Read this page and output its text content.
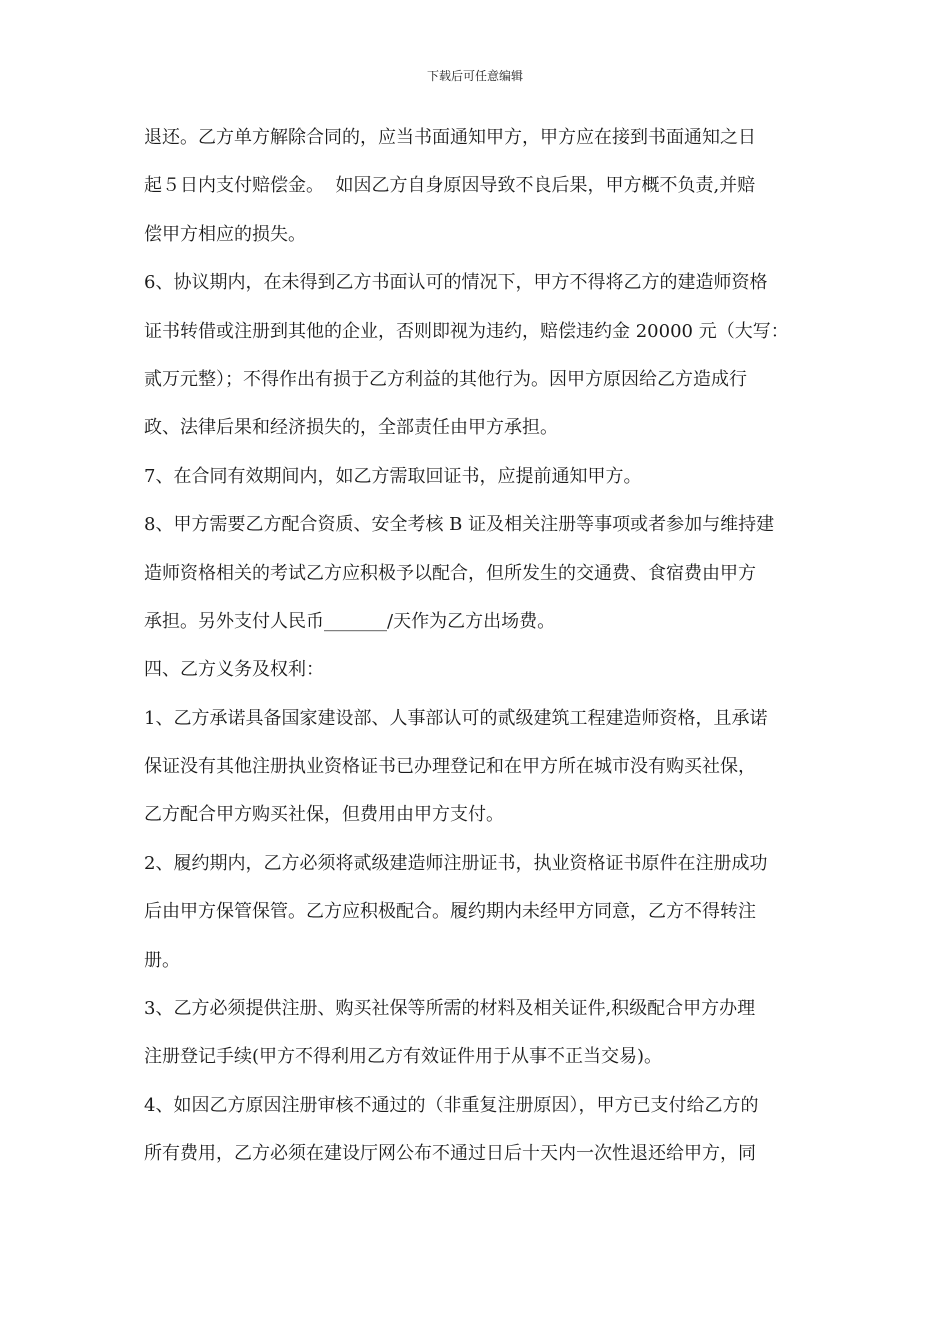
下载后可任意编辑
退还。乙方单方解除合同的，应当书面通知甲方，甲方应在接到书面通知之日
起５日内支付赔偿金。  如因乙方自身原因导致不良后果，甲方概不负责,并赔
偿甲方相应的损失。
6、协议期内，在未得到乙方书面认可的情况下，甲方不得将乙方的建造师资格
证书转借或注册到其他的企业，否则即视为违约，赔偿违约金 20000 元（大写：
贰万元整）；不得作出有损于乙方利益的其他行为。因甲方原因给乙方造成行
政、法律后果和经济损失的，全部责任由甲方承担。
7、在合同有效期间内，如乙方需取回证书，应提前通知甲方。
8、甲方需要乙方配合资质、安全考核 B 证及相关注册等事项或者参加与维持建
造师资格相关的考试乙方应积极予以配合，但所发生的交通费、食宿费由甲方
承担。另外支付人民币_______/天作为乙方出场费。
四、乙方义务及权利：
1、乙方承诺具备国家建设部、人事部认可的贰级建筑工程建造师资格，且承诺
保证没有其他注册执业资格证书已办理登记和在甲方所在城市没有购买社保，
乙方配合甲方购买社保，但费用由甲方支付。
2、履约期内，乙方必须将贰级建造师注册证书，执业资格证书原件在注册成功
后由甲方保管保管。乙方应积极配合。履约期内未经甲方同意，乙方不得转注
册。
3、乙方必须提供注册、购买社保等所需的材料及相关证件,积级配合甲方办理
注册登记手续(甲方不得利用乙方有效证件用于从事不正当交易)。
4、如因乙方原因注册审核不通过的（非重复注册原因），甲方已支付给乙方的
所有费用，乙方必须在建设厅网公布不通过日后十天内一次性退还给甲方，同
